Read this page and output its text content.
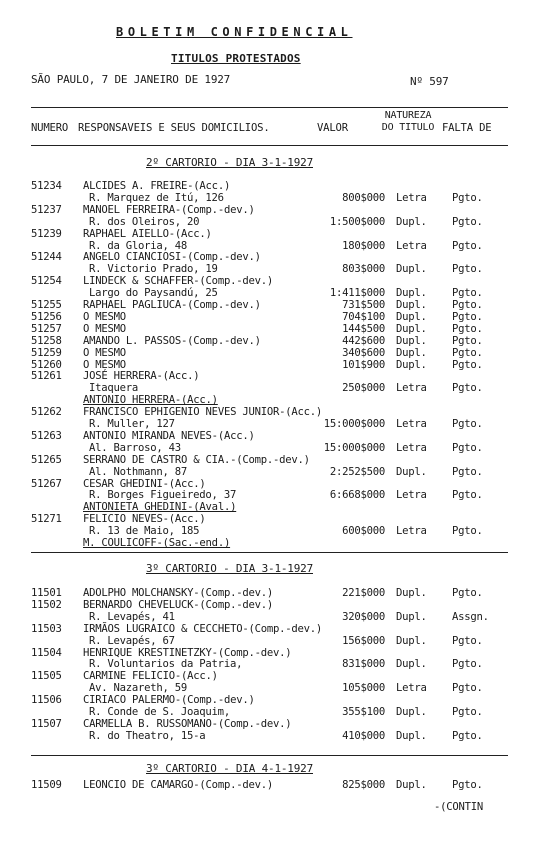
BOLETIM CONFIDENCIAL
TITULOS PROTESTADOS
SÃO PAULO, 7 DE JANEIRO DE 1927	Nº 597
NUMERO RESPONSAVEIS E SEUS DOMICILIOS.	VALOR
NATUREZA DO TITULO FALTA DE
2º CARTORIO - DIA 3-1-1927
51234	ALCIDES A. FREIRE-(Acc.)
R. Marquez de Itú, 126	800$000 Letra Pgto.
51237	MANOEL FERREIRA-(Comp.-dev.)
R. dos Oleiros, 20	1:500$000 Dupl. Pgto.
51239	RAPHAEL AIELLO-(Acc.)
R. da Gloria, 48	180$000 Letra Pgto.
51244	ANGELO CIANCIOSI-(Comp.-dev.)
R. Victorio Prado, 19	803$000 Dupl. Pgto.
51254	LINDECK & SCHAFFER-(Comp.-dev.)
Largo do Paysandú, 25	1:411$000 Dupl. Pgto.
51255	RAPHAEL PAGLIUCA-(Comp.-dev.)	731$500 Dupl. Pgto.
51256	O MESMO	704$100 Dupl. Pgto.
51257	O MESMO	144$500 Dupl. Pgto.
51258	AMANDO L. PASSOS-(Comp.-dev.)	442$600 Dupl. Pgto.
51259	O MESMO	340$600 Dupl. Pgto.
51260	O MESMO	101$900 Dupl. Pgto.
51261	JOSÉ HERRERA-(Acc.)
Itaquera	250$000 Letra Pgto.
ANTONIO HERRERA-(Acc.)
51262	FRANCISCO EPHIGENIO NEVES JUNIOR-(Acc.)
R. Muller, 127	15:000$000 Letra Pgto.
51263	ANTONIO MIRANDA NEVES-(Acc.)
Al. Barroso, 43	15:000$000 Letra Pgto.
51265	SERRANO DE CASTRO & CIA.-(Comp.-dev.)
Al. Nothmann, 87	2:252$500 Dupl. Pgto.
51267	CESAR GHEDINI-(Acc.)
R. Borges Figueiredo, 37	6:668$000 Letra Pgto.
ANTONIETA GHEDINI-(Aval.)
51271	FELICIO NEVES-(Acc.)
R. 13 de Maio, 185	600$000 Letra Pgto.
M. COULICOFF-(Sac.-end.)
3º CARTORIO - DIA 3-1-1927
11501	ADOLPHO MOLCHANSKY-(Comp.-dev.)	221$000 Dupl. Pgto.
11502	BERNARDO CHEVELUCK-(Comp.-dev.)
R. Levapés, 41	320$000 Dupl. Assgn.
11503	IRMÃOS LUGRAICO & CECCHETO-(Comp.-dev.)
R. Levapés, 67	156$000 Dupl. Pgto.
11504	HENRIQUE KRESTINETZKY-(Comp.-dev.)
R. Voluntarios da Patria,	831$000 Dupl. Pgto.
11505	CARMINE FELICIO-(Acc.)
Av. Nazareth, 59	105$000 Letra Pgto.
11506	CIRIACO PALERMO-(Comp.-dev.)
R. Conde de S. Joaquim,	355$100 Dupl. Pgto.
11507	CARMELLA B. RUSSOMANO-(Comp.-dev.)
R. do Theatro, 15-a	410$000 Dupl. Pgto.
3º CARTORIO - DIA 4-1-1927
11509	LEONCIO DE CAMARGO-(Comp.-dev.)	825$000 Dupl. Pgto.
-(CONTIN
